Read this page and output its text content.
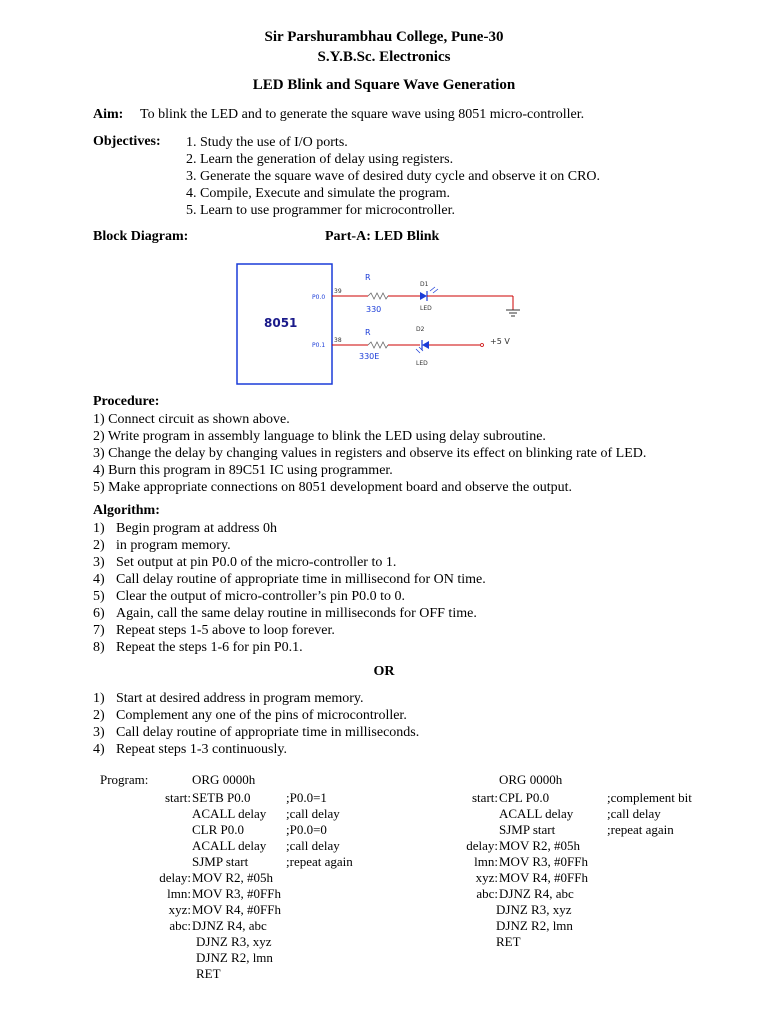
Sir Parshurambhau College, Pune-30
S.Y.B.Sc. Electronics
LED Blink and Square Wave Generation
Aim: To blink the LED and to generate the square wave using 8051 micro-controller.
Objectives: 1. Study the use of I/O ports.
2. Learn the generation of delay using registers.
3. Generate the square wave of desired duty cycle and observe it on CRO.
4. Compile, Execute and simulate the program.
5. Learn to use programmer for microcontroller.
Block Diagram:	Part-A: LED Blink
8051
P0.0
39
R
330
D1
LED
P0.1
38
R
330E
D2
LED
+5 V
Procedure:
1) Connect circuit as shown above.
2) Write program in assembly language to blink the LED using delay subroutine.
3) Change the delay by changing values in registers and observe its effect on blinking rate of LED.
4) Burn this program in 89C51 IC using programmer.
5) Make appropriate connections on 8051 development board and observe the output.
Algorithm:
1) Begin program at address 0h
2) in program memory.
3) Set output at pin P0.0 of the micro-controller to 1.
4) Call delay routine of appropriate time in millisecond for ON time.
5) Clear the output of micro-controller’s pin P0.0 to 0.
6) Again, call the same delay routine in milliseconds for OFF time.
7) Repeat steps 1-5 above to loop forever.
8) Repeat the steps 1-6 for pin P0.1.
OR
1) Start at desired address in program memory.
2) Complement any one of the pins of microcontroller.
3) Call delay routine of appropriate time in milliseconds.
4) Repeat steps 1-3 continuously.
Program:	ORG 0000h
start: SETB P0.0	;P0.0=1
ACALL delay ;call delay
CLR P0.0	;P0.0=0
ACALL delay ;call delay
SJMP start	;repeat again
delay: MOV R2, #05h
lmn: MOV R3, #0FFh
xyz: MOV R4, #0FFh
abc: DJNZ R4, abc
DJNZ R3, xyz
DJNZ R2, lmn
RET
ORG 0000h
start: CPL P0.0	;complement bit
ACALL delay	;call delay
SJMP start	;repeat again
delay: MOV R2, #05h
lmn: MOV R3, #0FFh
xyz: MOV R4, #0FFh
abc: DJNZ R4, abc
DJNZ R3, xyz
DJNZ R2, lmn
RET
